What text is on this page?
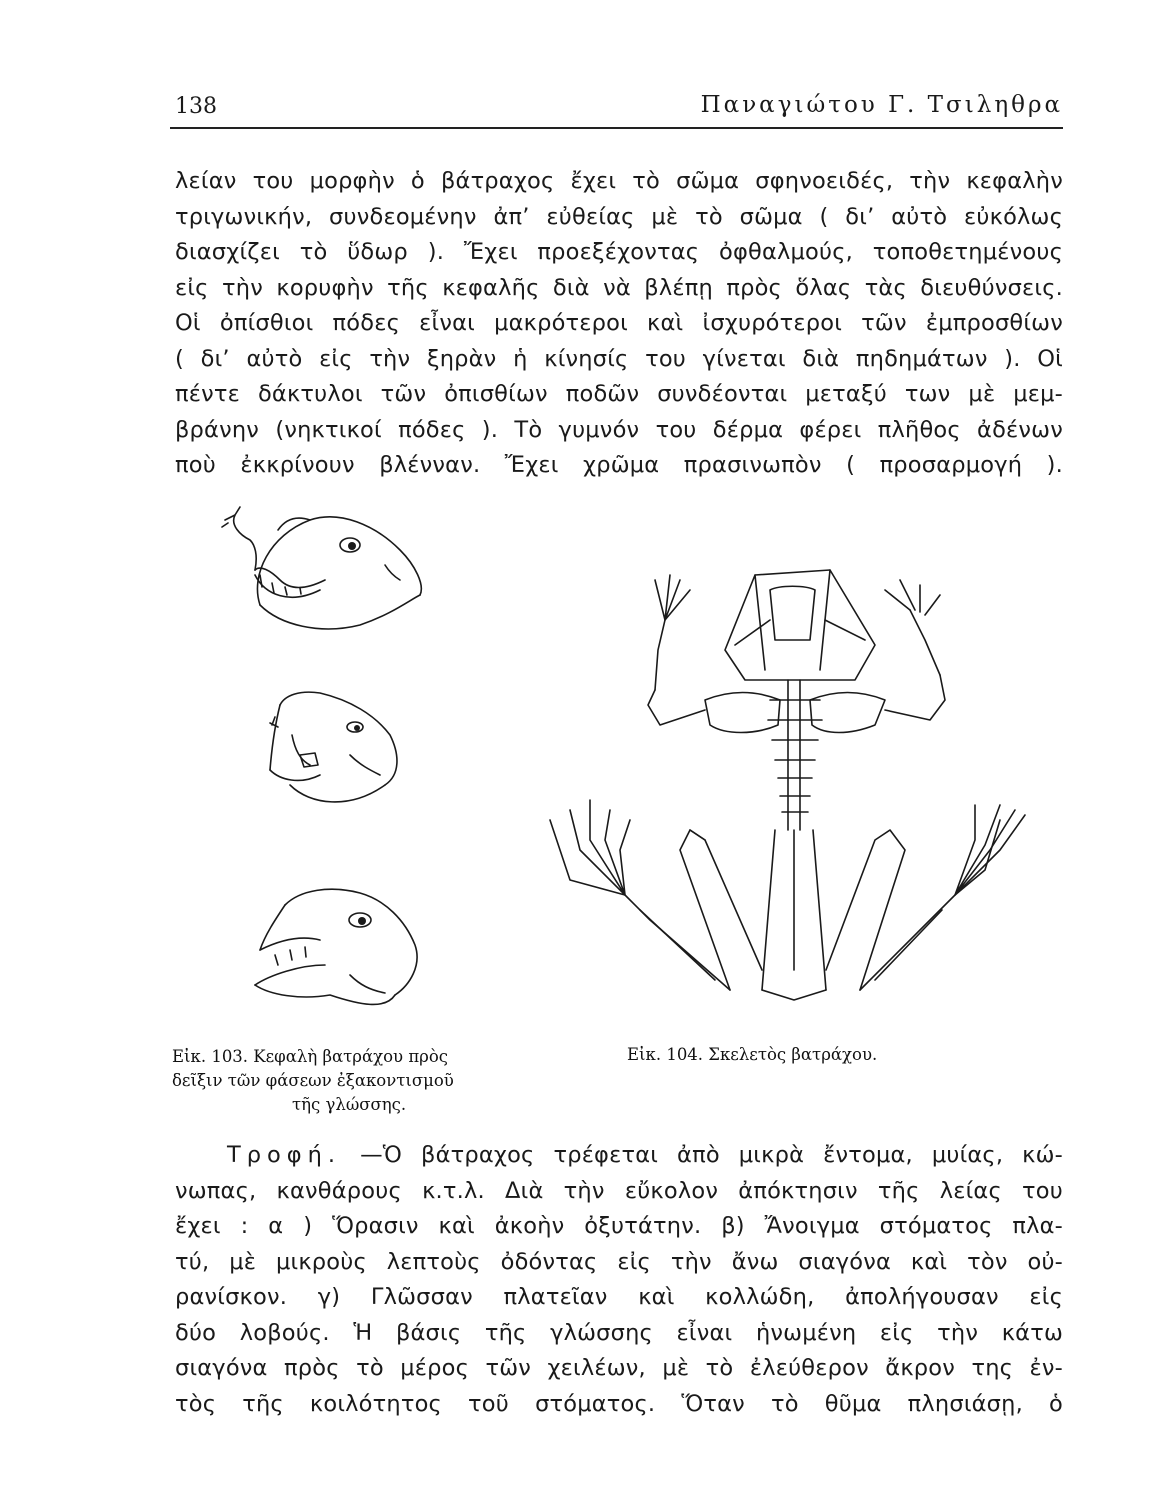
138	Παναγιώτου Γ. Τσιληθρα
λείαν του μορφὴν ὁ βάτραχος ἔχει τὸ σῶμα σφηνοειδές, τὴν κεφαλὴν
τριγωνικήν, συνδεομένην ἀπ’ εὐθείας μὲ τὸ σῶμα ( δι’ αὐτὸ εὐκόλως
διασχίζει τὸ ὕδωρ ). Ἔχει προεξέχοντας ὀφθαλμούς, τοποθετημένους
εἰς τὴν κορυφὴν τῆς κεφαλῆς διὰ νὰ βλέπῃ πρὸς ὅλας τὰς διευθύνσεις.
Οἱ ὀπίσθιοι πόδες εἶναι μακρότεροι καὶ ἰσχυρότεροι τῶν ἐμπροσθίων
( δι’ αὐτὸ εἰς τὴν ξηρὰν ἡ κίνησίς του γίνεται διὰ πηδημάτων ). Οἱ
πέντε δάκτυλοι τῶν ὀπισθίων ποδῶν συνδέονται μεταξύ των μὲ μεμ-
βράνην (νηκτικοί πόδες ). Τὸ γυμνόν του δέρμα φέρει πλῆθος ἀδένων
ποὺ ἐκκρίνουν βλένναν. Ἔχει χρῶμα πρασινωπὸν ( προσαρμογή ).
Εἰκ. 103. Κεφαλὴ βατράχου πρὸς
δεῖξιν τῶν φάσεων ἐξακοντισμοῦ
τῆς γλώσσης.
Εἰκ. 104. Σκελετὸς βατράχου.
Τροφή. —Ὁ βάτραχος τρέφεται ἀπὸ μικρὰ ἔντομα, μυίας, κώ-
νωπας, κανθάρους κ.τ.λ. Διὰ τὴν εὔκολον ἀπόκτησιν τῆς λείας του
ἔχει : α ) Ὅρασιν καὶ ἀκοὴν ὀξυτάτην. β) Ἄνοιγμα στόματος πλα-
τύ, μὲ μικροὺς λεπτοὺς ὀδόντας εἰς τὴν ἄνω σιαγόνα καὶ τὸν οὐ-
ρανίσκον. γ) Γλῶσσαν πλατεῖαν καὶ κολλώδη, ἀπολήγουσαν εἰς
δύο λοβούς. Ἡ βάσις τῆς γλώσσης εἶναι ἡνωμένη εἰς τὴν κάτω
σιαγόνα πρὸς τὸ μέρος τῶν χειλέων, μὲ τὸ ἐλεύθερον ἄκρον της ἐν-
τὸς τῆς κοιλότητος τοῦ στόματος. Ὅταν τὸ θῦμα πλησιάσῃ, ὁ
